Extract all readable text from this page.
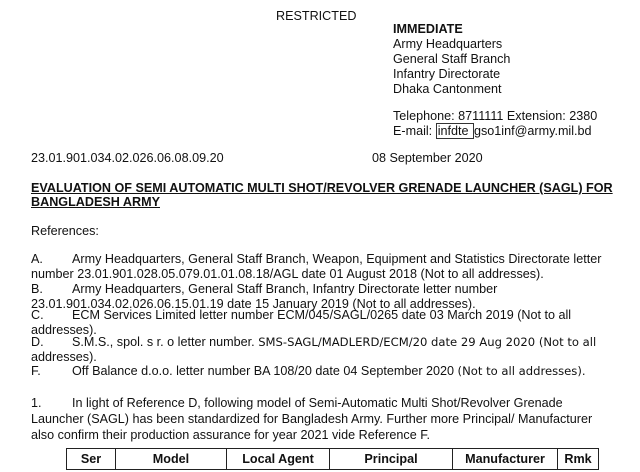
RESTRICTED
IMMEDIATE
Army Headquarters
General Staff Branch
Infantry Directorate
Dhaka Cantonment
Telephone: 8711111 Extension: 2380
E-mail: infdte gso1inf@army.mil.bd
23.01.901.034.02.026.06.08.09.20	08 September 2020
EVALUATION OF SEMI AUTOMATIC MULTI SHOT/REVOLVER GRENADE LAUNCHER (SAGL) FOR
BANGLADESH ARMY
References:
A. Army Headquarters, General Staff Branch, Weapon, Equipment and Statistics Directorate letter
number 23.01.901.028.05.079.01.01.08.18/AGL date 01 August 2018 (Not to all addresses).
B. Army Headquarters, General Staff Branch, Infantry Directorate letter number
23.01.901.034.02.026.06.15.01.19 date 15 January 2019 (Not to all addresses).
C. ECM Services Limited letter number ECM/045/SAGL/0265 date 03 March 2019 (Not to all
addresses).
D. S.M.S., spol. s r. o letter number. SMS-SAGL/MADLERD/ECM/20 date 29 Aug 2020 (Not to all
addresses).
F. Off Balance d.o.o. letter number BA 108/20 date 04 September 2020 (Not to all addresses).
1. In light of Reference D, following model of Semi-Automatic Multi Shot/Revolver Grenade
Launcher (SAGL) has been standardized for Bangladesh Army. Further more Principal/ Manufacturer
also confirm their production assurance for year 2021 vide Reference F.
Ser	Model	Local Agent	Principal	Manufacturer	Rmk
